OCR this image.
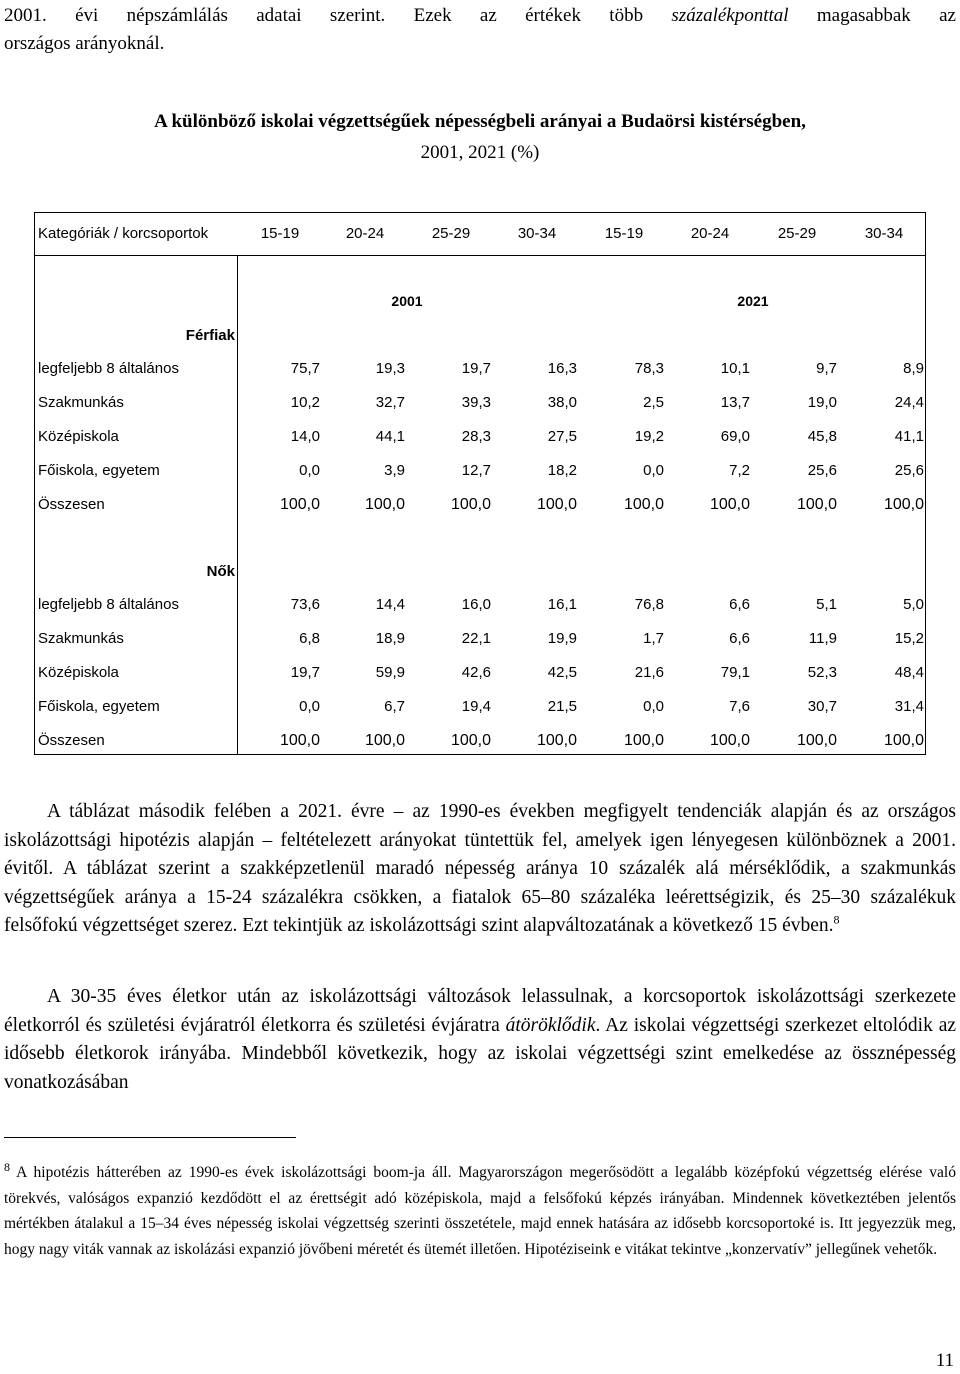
2001. évi népszámlálás adatai szerint. Ezek az értékek több százalékponttal magasabbak az
országos arányoknál.
A különböző iskolai végzettségűek népességbeli arányai a Budaörsi kistérségben,
2001, 2021 (%)
Kategóriák / korcsoportok	15-19	20-24	25-29	30-34	15-19	20-24	25-29	30-34
2001	2021
Férfiak
legfeljebb 8 általános	75,7	19,3	19,7	16,3	78,3	10,1	9,7	8,9
Szakmunkás	10,2	32,7	39,3	38,0	2,5	13,7	19,0	24,4
Középiskola	14,0	44,1	28,3	27,5	19,2	69,0	45,8	41,1
Főiskola, egyetem	0,0	3,9	12,7	18,2	0,0	7,2	25,6	25,6
Összesen	100,0	100,0	100,0	100,0	100,0	100,0	100,0	100,0
Nők
legfeljebb 8 általános	73,6	14,4	16,0	16,1	76,8	6,6	5,1	5,0
Szakmunkás	6,8	18,9	22,1	19,9	1,7	6,6	11,9	15,2
Középiskola	19,7	59,9	42,6	42,5	21,6	79,1	52,3	48,4
Főiskola, egyetem	0,0	6,7	19,4	21,5	0,0	7,6	30,7	31,4
Összesen	100,0	100,0	100,0	100,0	100,0	100,0	100,0	100,0
A táblázat második felében a 2021. évre – az 1990-es években megfigyelt tendenciák alapján és az országos iskolázottsági hipotézis alapján – feltételezett arányokat tüntettük fel, amelyek igen lényegesen különböznek a 2001. évitől. A táblázat szerint a szakképzetlenül maradó népesség aránya 10 százalék alá mérséklődik, a szakmunkás végzettségűek aránya a 15-24 százalékra csökken, a fiatalok 65–80 százaléka leérettségizik, és 25–30 százalékuk felsőfokú végzettséget szerez. Ezt tekintjük az iskolázottsági szint alapváltozatának a következő 15 évben.$^8$
A 30-35 éves életkor után az iskolázottsági változások lelassulnak, a korcsoportok iskolázottsági szerkezete életkorról és születési évjáratról életkorra és születési évjáratra átöröklődik. Az iskolai végzettségi szerkezet eltolódik az idősebb életkorok irányába. Mindebből következik, hogy az iskolai végzettségi szint emelkedése az össznépesség vonatkozásában
$^8$ A hipotézis hátterében az 1990-es évek iskolázottsági boom-ja áll. Magyarországon megerősödött a legalább középfokú végzettség elérése való törekvés, valóságos expanzió kezdődött el az érettségit adó középiskola, majd a felsőfokú képzés irányában. Mindennek következtében jelentős mértékben átalakul a 15–34 éves népesség iskolai végzettség szerinti összetétele, majd ennek hatására az idősebb korcsoportoké is. Itt jegyezzük meg, hogy nagy viták vannak az iskolázási expanzió jövőbeni méretét és ütemét illetően. Hipotéziseink e vitákat tekintve „konzervatív” jellegűnek vehetők.
11
